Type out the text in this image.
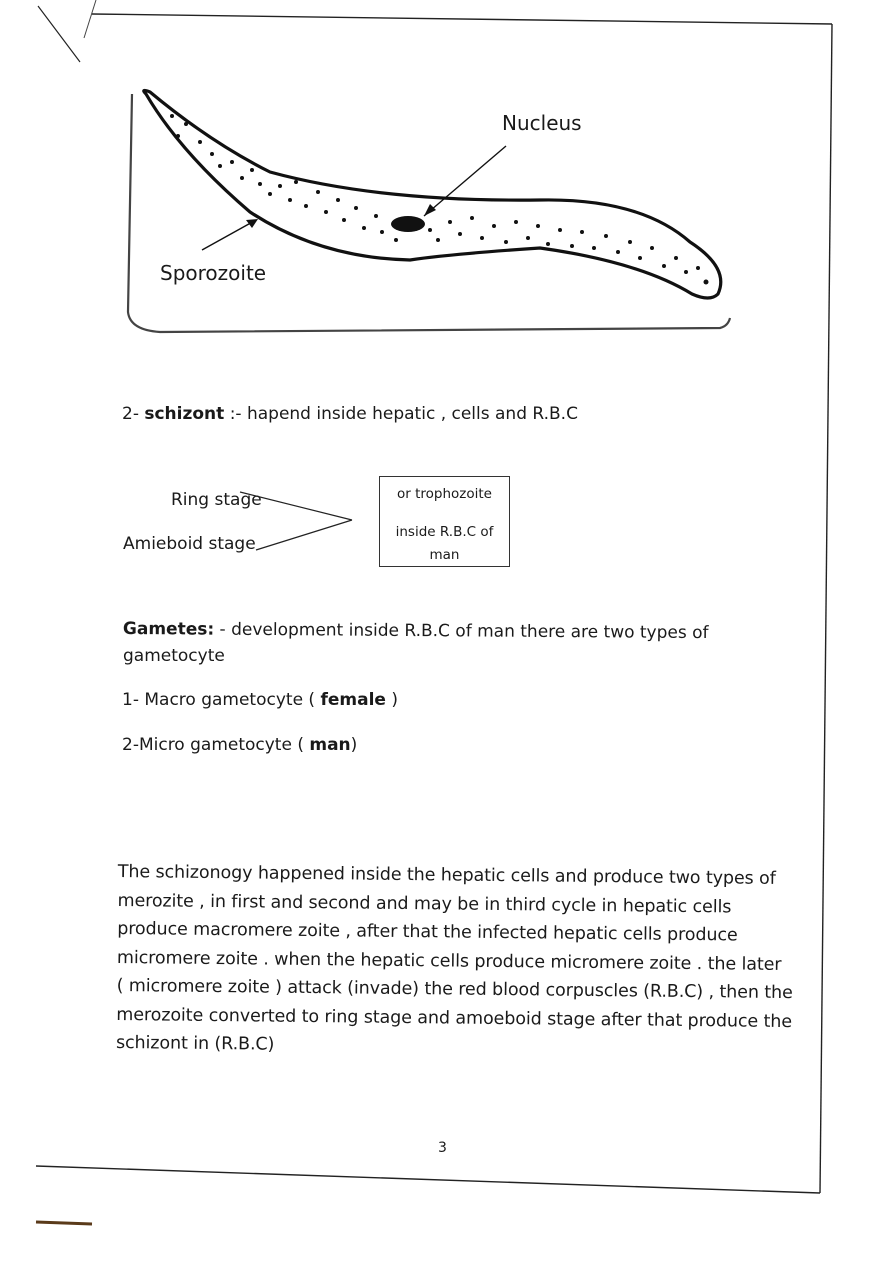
Nucleus
Sporozoite
2- schizont :- hapend inside hepatic , cells and R.B.C
Ring stage
Amieboid stage
or trophozoite
inside R.B.C of
man
Gametes: - development inside R.B.C of man there are two types of
gametocyte
1- Macro gametocyte ( female )
2-Micro gametocyte ( man)
The schizonogy happened inside the hepatic cells and produce two types of
merozite , in first and second and may be in third cycle in hepatic cells
produce macromere zoite , after that the infected hepatic cells produce
micromere zoite . when the hepatic cells produce micromere zoite . the later
( micromere zoite ) attack (invade) the red blood corpuscles (R.B.C) , then the
merozoite converted to ring stage and amoeboid stage after that produce the
schizont in (R.B.C)
3
